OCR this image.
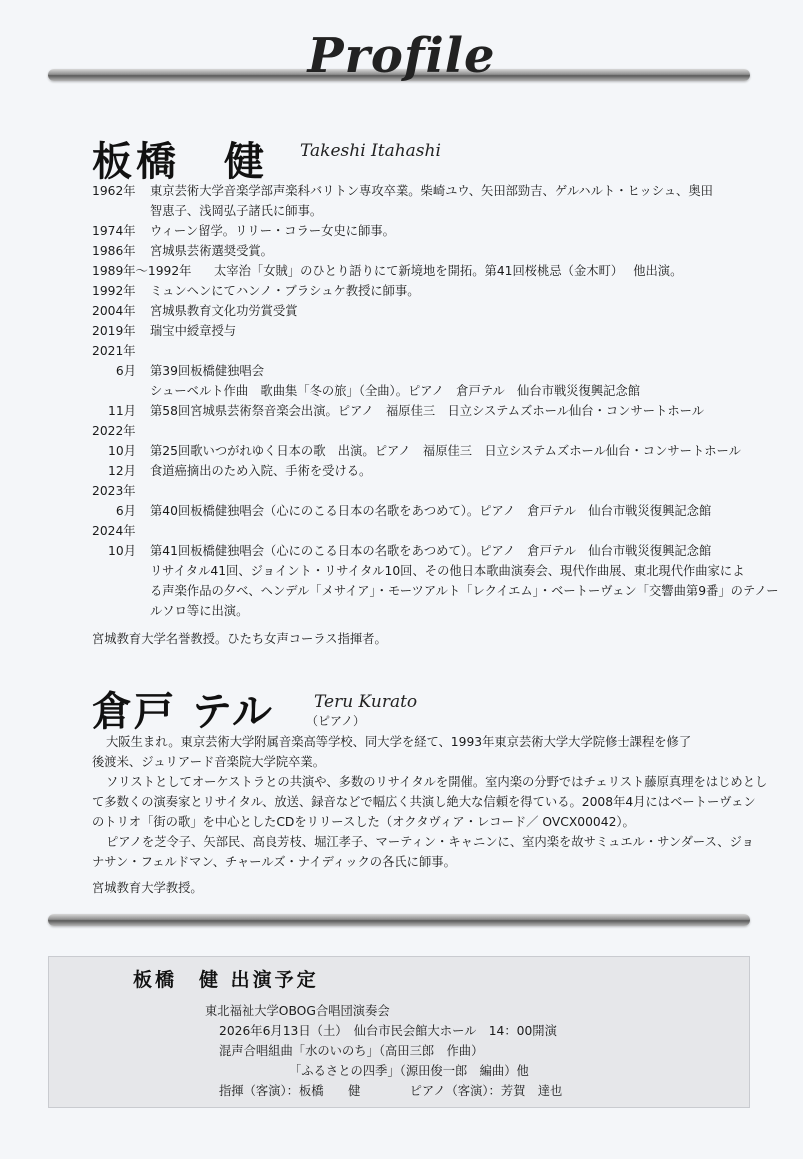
Profile
板橋　健 Takeshi Itahashi
1962年	東京芸術大学音楽学部声楽科バリトン専攻卒業。柴崎ユウ、矢田部勁吉、ゲルハルト・ヒッシュ、奥田
智恵子、浅岡弘子諸氏に師事。
1974年	ウィーン留学。リリー・コラー女史に師事。
1986年	宮城県芸術選奨受賞。
1989年～1992年	太宰治「女賊」のひとり語りにて新境地を開拓。第41回桜桃忌（金木町）　 他出演。
1992年	ミュンヘンにてハンノ・ブラシュケ教授に師事。
2004年	宮城県教育文化功労賞受賞
2019年	瑞宝中綬章授与
2021年
6月	第39回板橋健独唱会
シューベルト作曲　歌曲集「冬の旅」（全曲）。ピアノ　倉戸テル　仙台市戦災復興記念館
11月	第58回宮城県芸術祭音楽会出演。ピアノ　福原佳三　日立システムズホール仙台・コンサートホール
2022年
10月	第25回歌いつがれゆく日本の歌　出演。ピアノ　福原佳三　日立システムズホール仙台・コンサートホール
12月	食道癌摘出のため入院、手術を受ける。
2023年
6月	第40回板橋健独唱会（心にのこる日本の名歌をあつめて）。ピアノ　倉戸テル　仙台市戦災復興記念館
2024年
10月	第41回板橋健独唱会（心にのこる日本の名歌をあつめて）。ピアノ　倉戸テル　仙台市戦災復興記念館
リサイタル41回、ジョイント・リサイタル10回、その他日本歌曲演奏会、現代作曲展、東北現代作曲家によ
る声楽作品の夕べ、ヘンデル「メサイア」・モーツアルト「レクイエム」・ベートーヴェン「交響曲第9番」のテノー
ルソロ等に出演。
宮城教育大学名誉教授。ひたち女声コーラス指揮者。
倉戸 テル Teru Kurato
（ピアノ）
大阪生まれ。東京芸術大学附属音楽高等学校、同大学を経て、1993年東京芸術大学大学院修士課程を修了
後渡米、ジュリアード音楽院大学院卒業。
ソリストとしてオーケストラとの共演や、多数のリサイタルを開催。室内楽の分野ではチェリスト藤原真理をはじめとし
て多数くの演奏家とリサイタル、放送、録音などで幅広く共演し絶大な信頼を得ている。2008年4月にはベートーヴェン
のトリオ「街の歌」を中心としたCDをリリースした（オクタヴィア・レコード／ OVCX00042）。
ピアノを芝令子、矢部民、高良芳枝、堀江孝子、マーティン・キャニンに、室内楽を故サミュエル・サンダース、ジョ
ナサン・フェルドマン、チャールズ・ナイディックの各氏に師事。
宮城教育大学教授。
板橋　健 出演予定
東北福祉大学OBOG合唱団演奏会
2026年6月13日（土）　仙台市民会館大ホール　14：00開演
混声合唱組曲「水のいのち」（高田三郎　作曲）
「ふるさとの四季」（源田俊一郎　編曲）他
指揮（客演）：板橋　　健　　　　ピアノ（客演）：芳賀　達也
